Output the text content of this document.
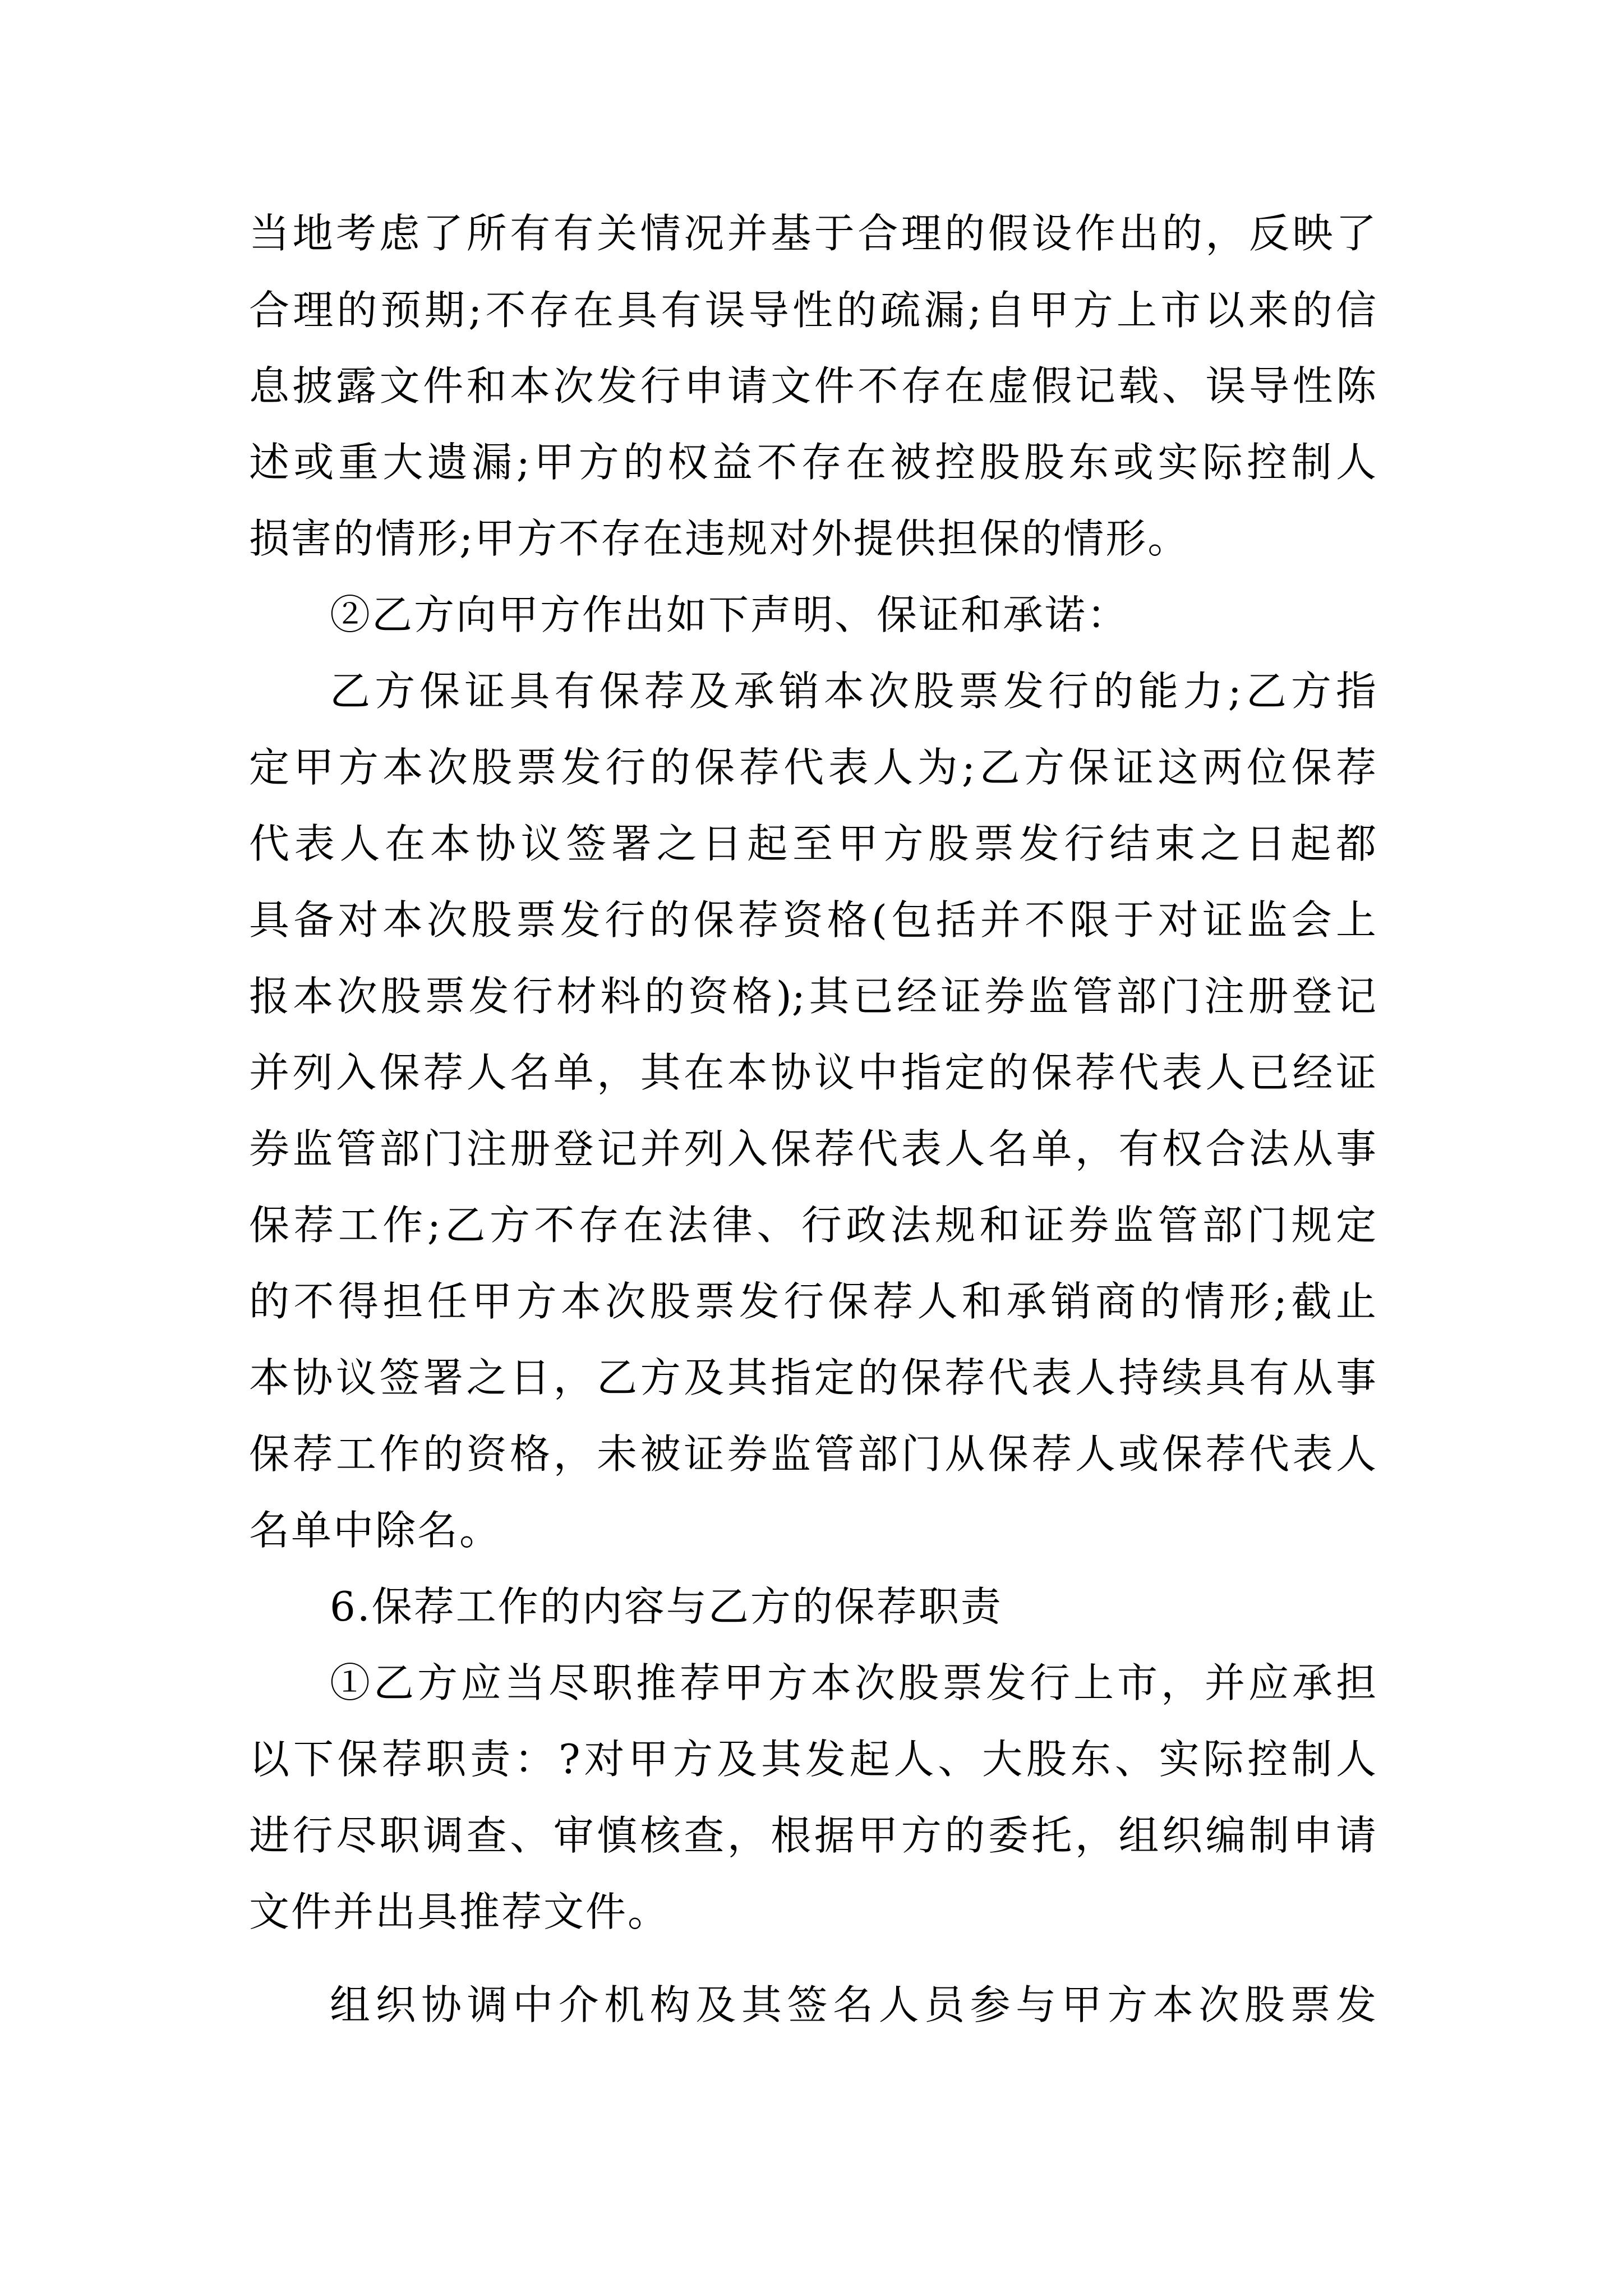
当地考虑了所有有关情况并基于合理的假设作出的，反映了
合理的预期;不存在具有误导性的疏漏;自甲方上市以来的信
息披露文件和本次发行申请文件不存在虚假记载、误导性陈
述或重大遗漏;甲方的权益不存在被控股股东或实际控制人
损害的情形;甲方不存在违规对外提供担保的情形。
②乙方向甲方作出如下声明、保证和承诺：
乙方保证具有保荐及承销本次股票发行的能力;乙方指
定甲方本次股票发行的保荐代表人为;乙方保证这两位保荐
代表人在本协议签署之日起至甲方股票发行结束之日起都
具备对本次股票发行的保荐资格(包括并不限于对证监会上
报本次股票发行材料的资格);其已经证券监管部门注册登记
并列入保荐人名单，其在本协议中指定的保荐代表人已经证
券监管部门注册登记并列入保荐代表人名单，有权合法从事
保荐工作;乙方不存在法律、行政法规和证券监管部门规定
的不得担任甲方本次股票发行保荐人和承销商的情形;截止
本协议签署之日，乙方及其指定的保荐代表人持续具有从事
保荐工作的资格，未被证券监管部门从保荐人或保荐代表人
名单中除名。
6.保荐工作的内容与乙方的保荐职责
①乙方应当尽职推荐甲方本次股票发行上市，并应承担
以下保荐职责：?对甲方及其发起人、大股东、实际控制人
进行尽职调查、审慎核查，根据甲方的委托，组织编制申请
文件并出具推荐文件。
组织协调中介机构及其签名人员参与甲方本次股票发
